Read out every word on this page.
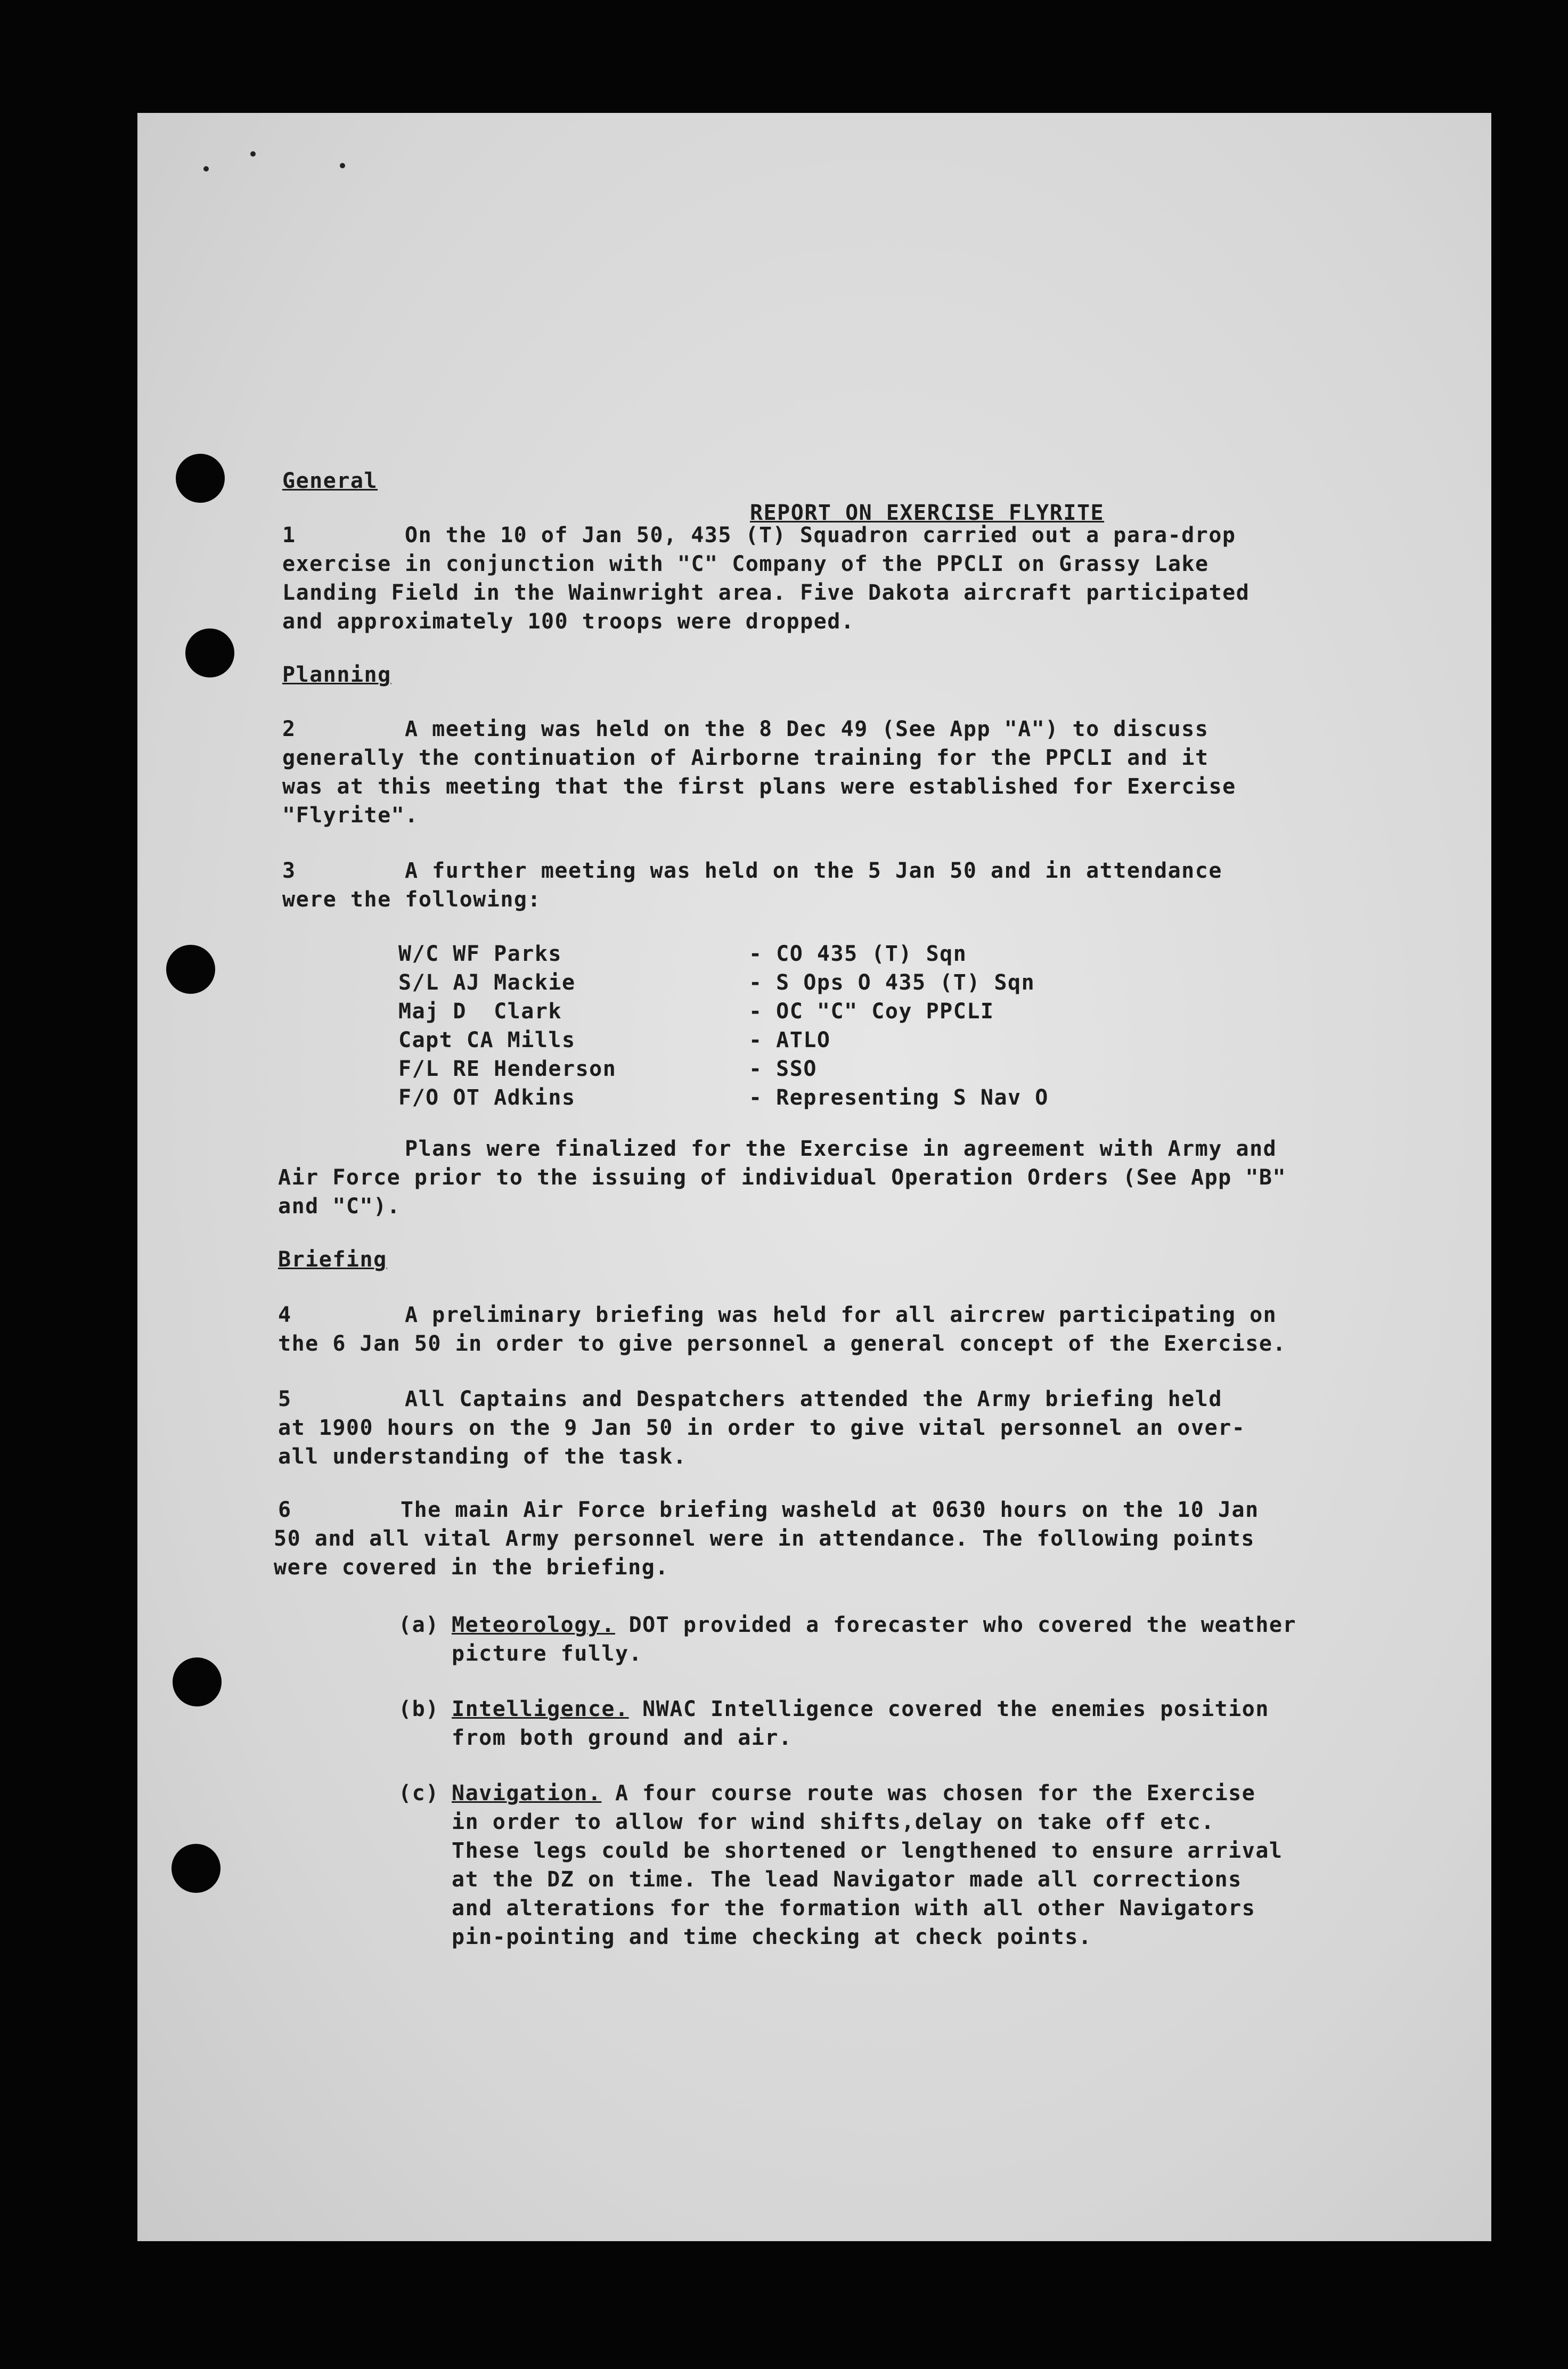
REPORT ON EXERCISE FLYRITE
General
1	On the 10 of Jan 50, 435 (T) Squadron carried out a para-drop
exercise in conjunction with "C" Company of the PPCLI on Grassy Lake
Landing Field in the Wainwright area. Five Dakota aircraft participated
and approximately 100 troops were dropped.
Planning
2	A meeting was held on the 8 Dec 49 (See App "A") to discuss
generally the continuation of Airborne training for the PPCLI and it
was at this meeting that the first plans were established for Exercise
"Flyrite".
3	A further meeting was held on the 5 Jan 50 and in attendance
were the following:
W/C WF Parks	- CO 435 (T) Sqn
S/L AJ Mackie	- S Ops O 435 (T) Sqn
Maj D  Clark	- OC "C" Coy PPCLI
Capt CA Mills	- ATLO
F/L RE Henderson	- SSO
F/O OT Adkins	- Representing S Nav O
Plans were finalized for the Exercise in agreement with Army and
Air Force prior to the issuing of individual Operation Orders (See App "B"
and "C").
Briefing
4	A preliminary briefing was held for all aircrew participating on
the 6 Jan 50 in order to give personnel a general concept of the Exercise.
5	All Captains and Despatchers attended the Army briefing held
at 1900 hours on the 9 Jan 50 in order to give vital personnel an over-
all understanding of the task.
6	The main Air Force briefing washeld at 0630 hours on the 10 Jan
50 and all vital Army personnel were in attendance. The following points
were covered in the briefing.
(a) Meteorology. DOT provided a forecaster who covered the weather
picture fully.
(b) Intelligence. NWAC Intelligence covered the enemies position
from both ground and air.
(c) Navigation. A four course route was chosen for the Exercise
in order to allow for wind shifts,delay on take off etc.
These legs could be shortened or lengthened to ensure arrival
at the DZ on time. The lead Navigator made all corrections
and alterations for the formation with all other Navigators
pin-pointing and time checking at check points.
